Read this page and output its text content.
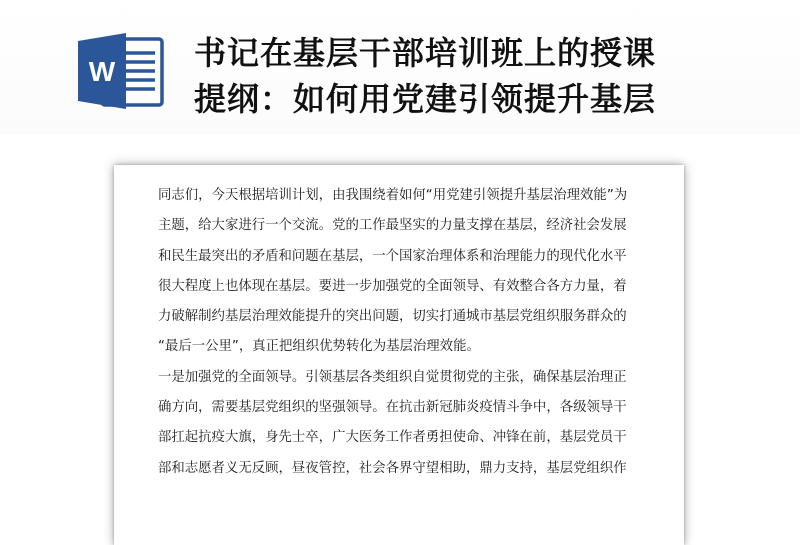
W 书记在基层干部培训班上的授课
提纲：如何用党建引领提升基层
同志们，今天根据培训计划，由我围绕着如何“用党建引领提升基层治理效能”为
主题，给大家进行一个交流。党的工作最坚实的力量支撑在基层，经济社会发展
和民生最突出的矛盾和问题在基层，一个国家治理体系和治理能力的现代化水平
很大程度上也体现在基层。要进一步加强党的全面领导、有效整合各方力量，着
力破解制约基层治理效能提升的突出问题，切实打通城市基层党组织服务群众的
“最后一公里”，真正把组织优势转化为基层治理效能。
一是加强党的全面领导。引领基层各类组织自觉贯彻党的主张，确保基层治理正
确方向，需要基层党组织的坚强领导。在抗击新冠肺炎疫情斗争中，各级领导干
部扛起抗疫大旗，身先士卒，广大医务工作者勇担使命、冲锋在前，基层党员干
部和志愿者义无反顾，昼夜管控，社会各界守望相助，鼎力支持，基层党组织作
